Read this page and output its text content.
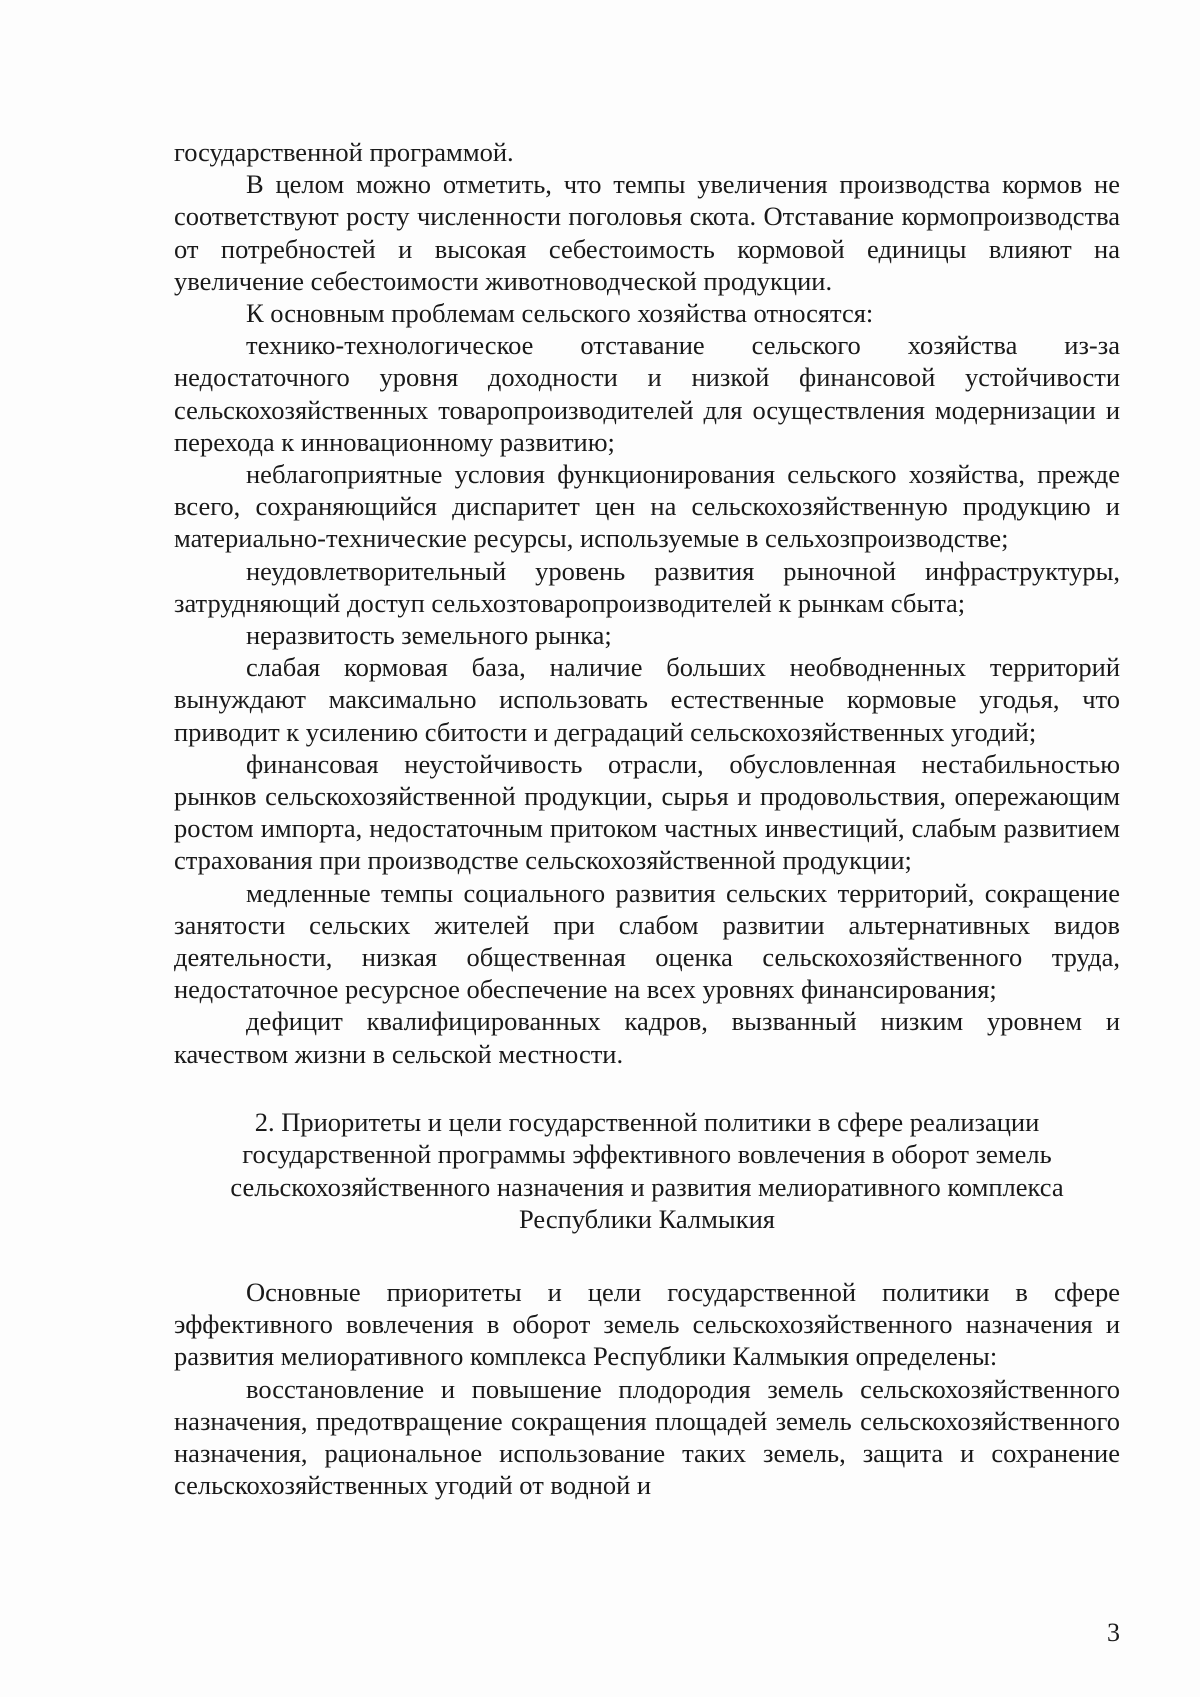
государственной программой.

В целом можно отметить, что темпы увеличения производства кормов не соответствуют росту численности поголовья скота. Отставание кормопроизводства от потребностей и высокая себестоимость кормовой единицы влияют на увеличение себестоимости животноводческой продукции.

К основным проблемам сельского хозяйства относятся:

технико-технологическое отставание сельского хозяйства из-за недостаточного уровня доходности и низкой финансовой устойчивости сельскохозяйственных товаропроизводителей для осуществления модернизации и перехода к инновационному развитию;

неблагоприятные условия функционирования сельского хозяйства, прежде всего, сохраняющийся диспаритет цен на сельскохозяйственную продукцию и материально-технические ресурсы, используемые в сельхозпроизводстве;

неудовлетворительный уровень развития рыночной инфраструктуры, затрудняющий доступ сельхозтоваропроизводителей к рынкам сбыта;

неразвитость земельного рынка;

слабая кормовая база, наличие больших необводненных территорий вынуждают максимально использовать естественные кормовые угодья, что приводит к усилению сбитости и деградаций сельскохозяйственных угодий;

финансовая неустойчивость отрасли, обусловленная нестабильностью рынков сельскохозяйственной продукции, сырья и продовольствия, опережающим ростом импорта, недостаточным притоком частных инвестиций, слабым развитием страхования при производстве сельскохозяйственной продукции;

медленные темпы социального развития сельских территорий, сокращение занятости сельских жителей при слабом развитии альтернативных видов деятельности, низкая общественная оценка сельскохозяйственного труда, недостаточное ресурсное обеспечение на всех уровнях финансирования;

дефицит квалифицированных кадров, вызванный низким уровнем и качеством жизни в сельской местности.

2. Приоритеты и цели государственной политики в сфере реализации государственной программы эффективного вовлечения в оборот земель сельскохозяйственного назначения и развития мелиоративного комплекса Республики Калмыкия

Основные приоритеты и цели государственной политики в сфере эффективного вовлечения в оборот земель сельскохозяйственного назначения и развития мелиоративного комплекса Республики Калмыкия определены:

восстановление и повышение плодородия земель сельскохозяйственного назначения, предотвращение сокращения площадей земель сельскохозяйственного назначения, рациональное использование таких земель, защита и сохранение сельскохозяйственных угодий от водной и

3
